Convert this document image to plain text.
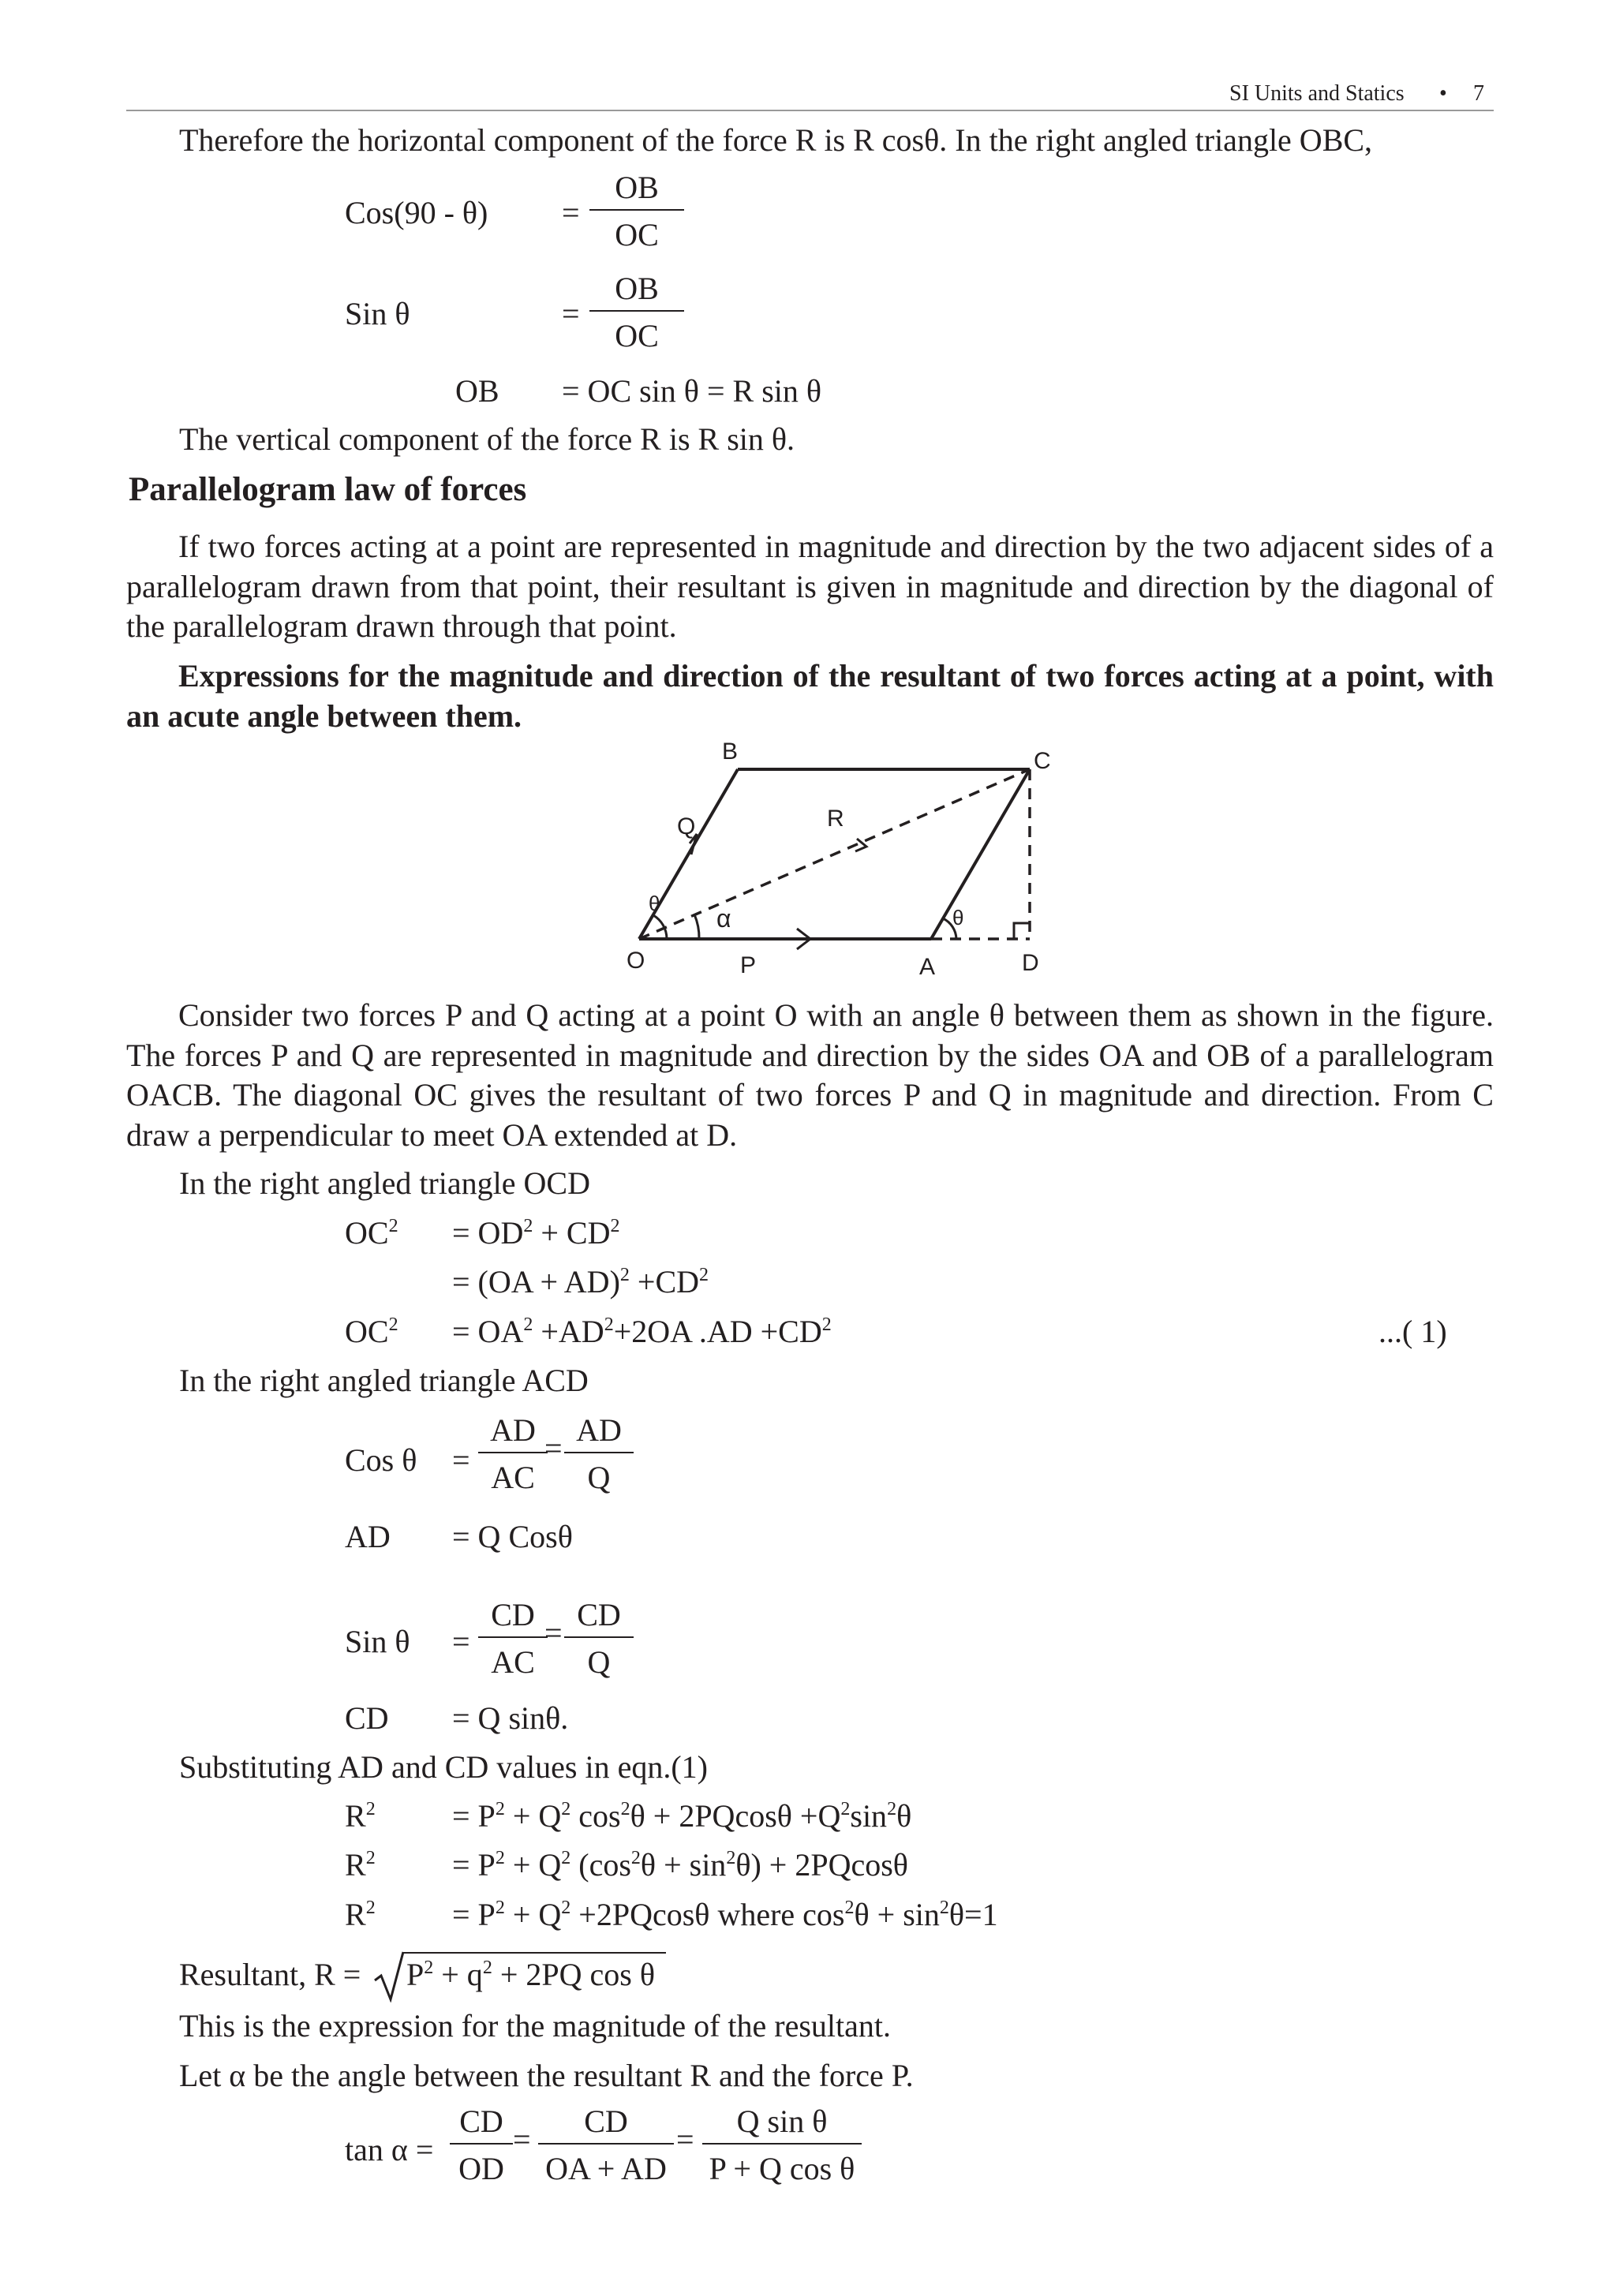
SI Units and Statics • 7
Therefore the horizontal component of the force R is R cosθ. In the right angled triangle OBC,
Cos(90 - θ) =
OB
OC
Sin θ	=
OB
OC
OB = OC sin θ = R sin θ
The vertical component of the force R is R sin θ.
Parallelogram law of forces

If two forces acting at a point are represented in magnitude and direction by the two adjacent sides of a parallelogram drawn from that point, their resultant is given in magnitude and direction by the diagonal of the parallelogram drawn through that point.

Expressions for the magnitude and direction of the resultant of two forces acting at a point, with an acute angle between them.

B	C
O	A	D
P
Q	R
θ
α	θ

Consider two forces P and Q acting at a point O with an angle θ between them as shown in the figure. The forces P and Q are represented in magnitude and direction by the sides OA and OB of a parallelogram OACB. The diagonal OC gives the resultant of two forces P and Q in magnitude and direction. From C draw a perpendicular to meet OA extended at D.

In the right angled triangle OCD
$OC^2 = OD^2 + CD^2$
= $(OA + AD)^2 +CD^2$
$OC^2 = OA^2 +AD^2+2OA$ $.AD +CD^2$	...( 1)
In the right angled triangle ACD
Cos θ =
AD
AC
=
AD
Q
AD = Q Cosθ
Sin θ =
CD
AC
=
CD
Q
CD = Q sinθ.
Substituting AD and CD values in eqn.(1)
$R^2 = P^2 + Q^2$ $\cos^2\theta + 2PQcos\theta +Q^2\sin^2\theta$
$R^2 = P^2 + Q^2$ $(\cos^2\theta + \sin^2\theta) + 2PQcos\theta$
$R^2 = P^2 + Q^2 +2PQcos\theta$ where $\cos^2\theta + \sin^2\theta=1$
Resultant, $R = P^2 + q^2 + 2PQ$ cos θ
This is the expression for the magnitude of the resultant.
Let α be the angle between the resultant R and the force P.
tan α =
CD
OD
=
CD
OA + AD
=
Q sin θ
P + Q cos θ
